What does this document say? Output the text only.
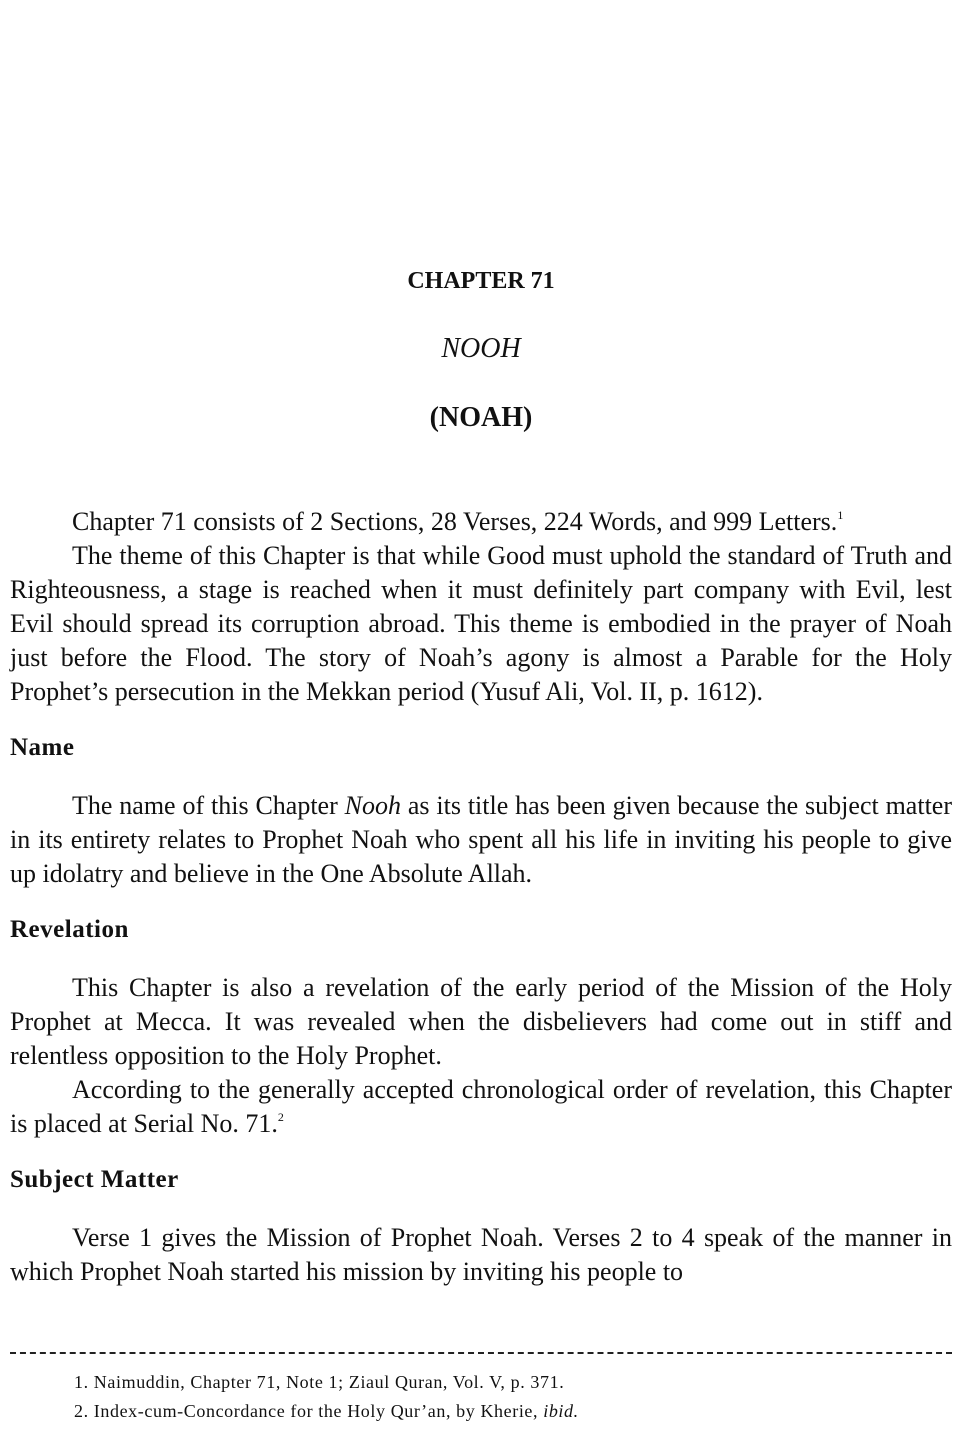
CHAPTER 71
NOOH
(NOAH)

Chapter 71 consists of 2 Sections, 28 Verses, 224 Words, and 999 Letters.$^1$

The theme of this Chapter is that while Good must uphold the standard of Truth and Righteousness, a stage is reached when it must definitely part company with Evil, lest Evil should spread its corruption abroad. This theme is embodied in the prayer of Noah just before the Flood. The story of Noah’s agony is almost a Parable for the Holy Prophet’s persecution in the Mekkan period (Yusuf Ali, Vol. II, p. 1612).

Name

The name of this Chapter Nooh as its title has been given because the subject matter in its entirety relates to Prophet Noah who spent all his life in inviting his people to give up idolatry and believe in the One Absolute Allah.

Revelation

This Chapter is also a revelation of the early period of the Mission of the Holy Prophet at Mecca. It was revealed when the disbelievers had come out in stiff and relentless opposition to the Holy Prophet.

According to the generally accepted chronological order of revelation, this Chapter is placed at Serial No. 71.$^2$

Subject Matter

Verse 1 gives the Mission of Prophet Noah. Verses 2 to 4 speak of the manner in which Prophet Noah started his mission by inviting his people to

1. Naimuddin, Chapter 71, Note 1; Ziaul Quran, Vol. V, p. 371.
2. Index-cum-Concordance for the Holy Qur’an, by Kherie, ibid.
